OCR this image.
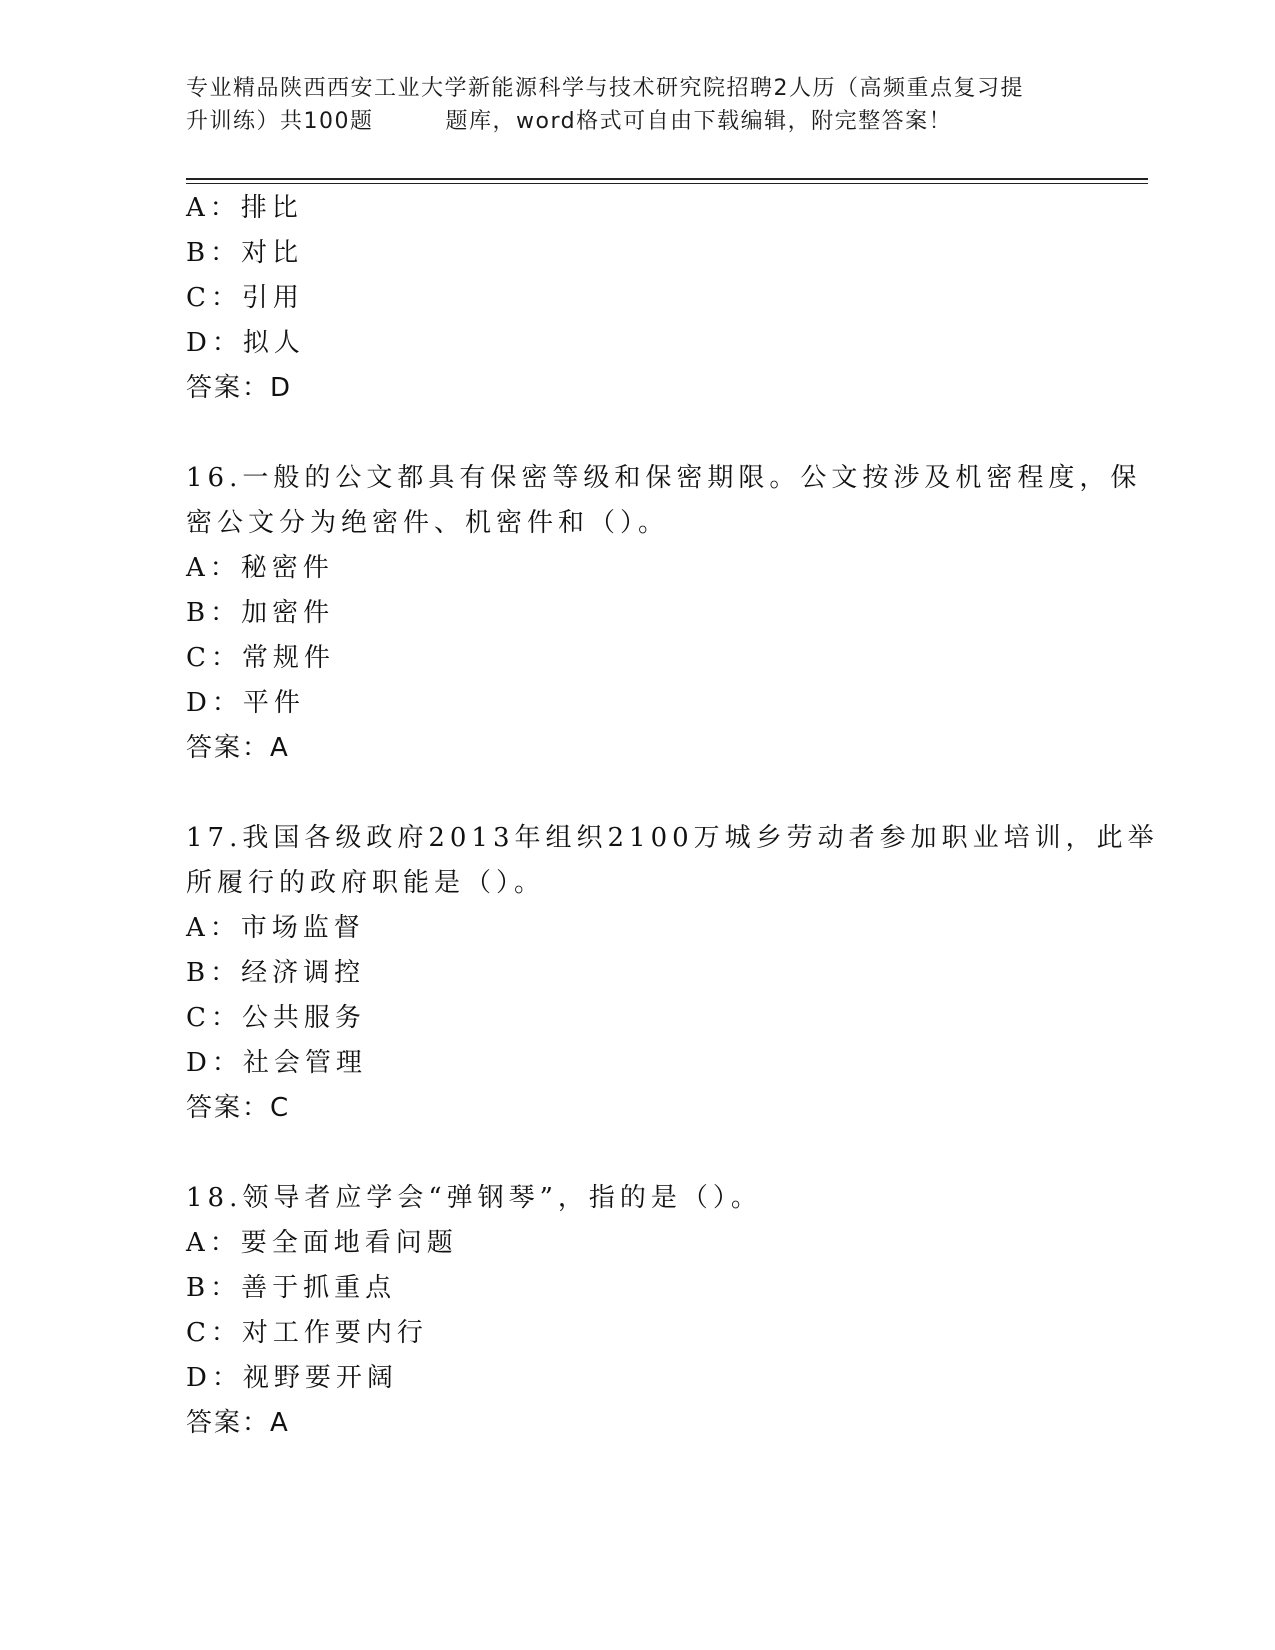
专业精品陕西西安工业大学新能源科学与技术研究院招聘2人历（高频重点复习提
升训练）共100题	题库，word格式可自由下载编辑，附完整答案！
A：排比
B：对比
C：引用
D：拟人
答案：D
16.一般的公文都具有保密等级和保密期限。公文按涉及机密程度，保
密公文分为绝密件、机密件和（）。
A：秘密件
B：加密件
C：常规件
D：平件
答案：A
17.我国各级政府2013年组织2100万城乡劳动者参加职业培训，此举
所履行的政府职能是（）。
A：市场监督
B：经济调控
C：公共服务
D：社会管理
答案：C
18.领导者应学会“弹钢琴”，指的是（）。
A：要全面地看问题
B：善于抓重点
C：对工作要内行
D：视野要开阔
答案：A
